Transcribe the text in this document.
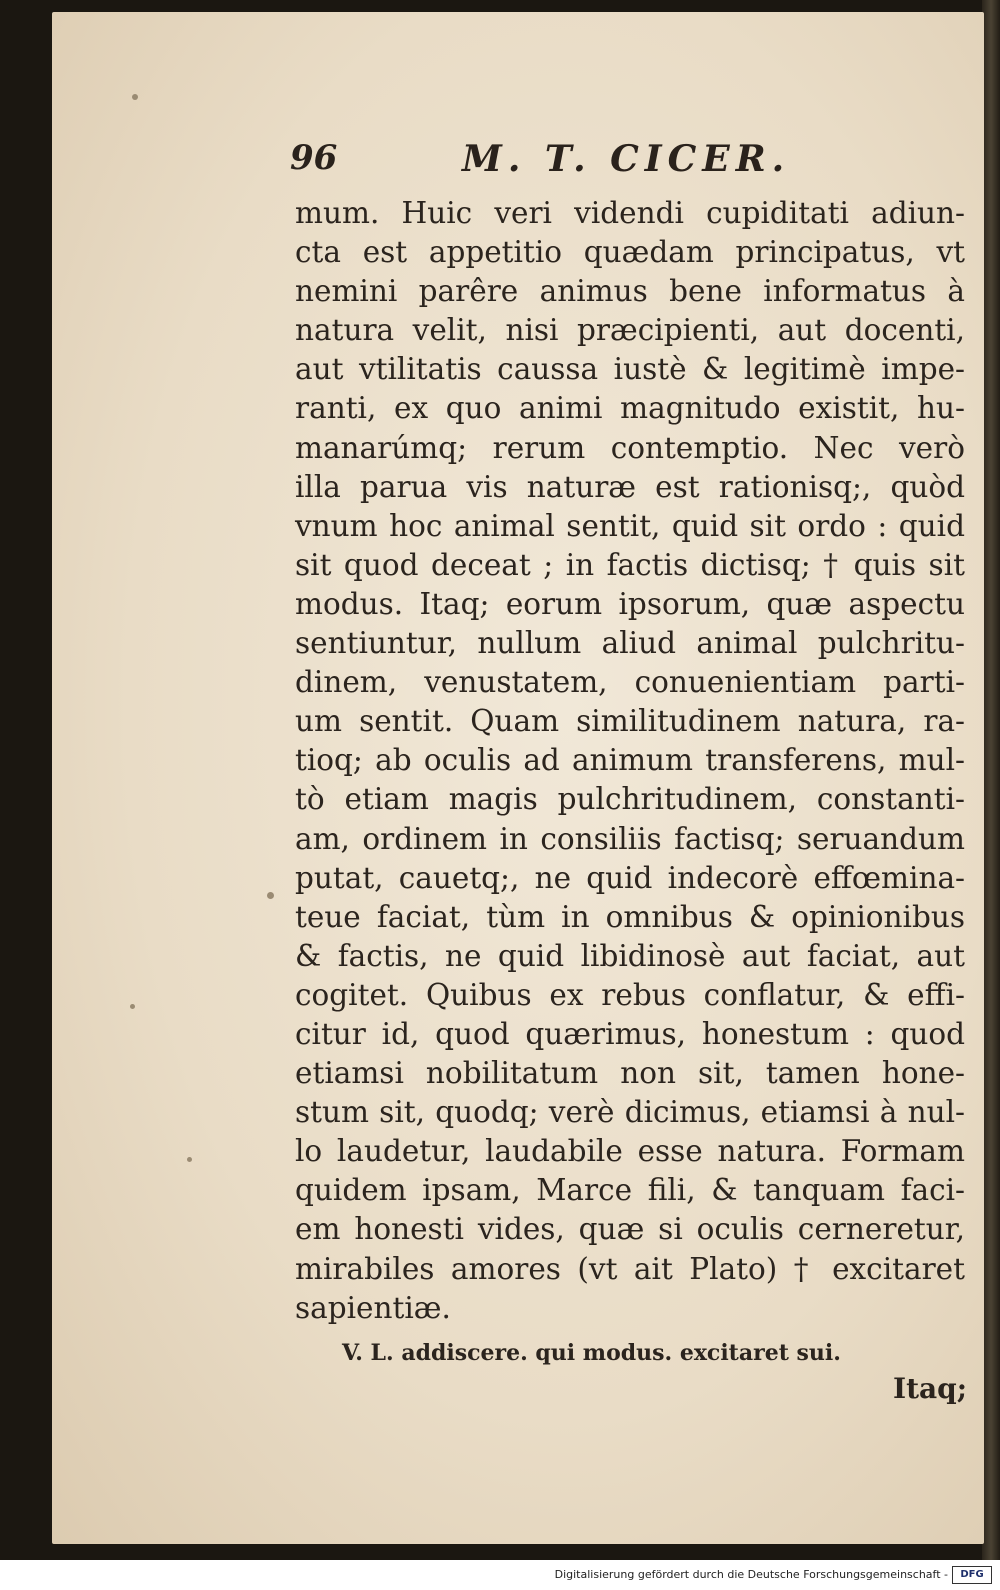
96	M. T. CICER.
mum. Huic veri videndi cupiditati adiun-
cta est appetitio quædam principatus, vt
nemini parêre animus bene informatus à
natura velit, nisi præcipienti, aut docenti,
aut vtilitatis caussa iustè & legitimè impe-
ranti, ex quo animi magnitudo existit, hu-
manarúmq; rerum contemptio. Nec verò
illa parua vis naturæ est rationisq;, quòd
vnum hoc animal sentit, quid sit ordo : quid
sit quod deceat ; in factis dictisq; † quis sit
modus. Itaq; eorum ipsorum, quæ aspectu
sentiuntur, nullum aliud animal pulchritu-
dinem, venustatem, conuenientiam parti-
um sentit. Quam similitudinem natura, ra-
tioq; ab oculis ad animum transferens, mul-
tò etiam magis pulchritudinem, constanti-
am, ordinem in consiliis factisq; seruandum
putat, cauetq;, ne quid indecorè effœmina-
teue faciat, tùm in omnibus & opinionibus
& factis, ne quid libidinosè aut faciat, aut
cogitet. Quibus ex rebus conflatur, & effi-
citur id, quod quærimus, honestum : quod
etiamsi nobilitatum non sit, tamen hone-
stum sit, quodq; verè dicimus, etiamsi à nul-
lo laudetur, laudabile esse natura. Formam
quidem ipsam, Marce fili, & tanquam faci-
em honesti vides, quæ si oculis cerneretur,
mirabiles amores (vt ait Plato) † excitaret
sapientiæ.
V. L. addiscere. qui modus. excitaret sui.
Itaq;
Digitalisierung gefördert durch die Deutsche Forschungsgemeinschaft -	DFG
